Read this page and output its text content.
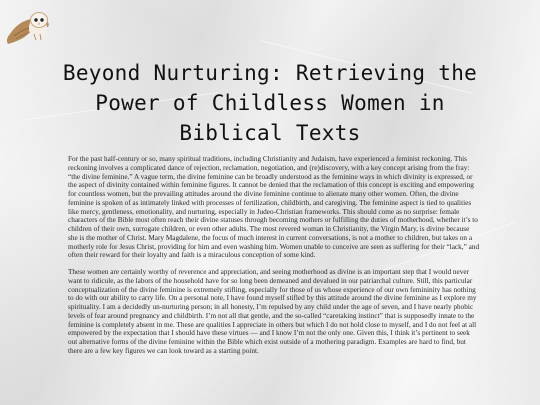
Beyond Nurturing: Retrieving the Power of Childless Women in Biblical Texts

For the past half-century or so, many spiritual traditions, including Christianity and Judaism, have experienced a feminist reckoning. This reckoning involves a complicated dance of rejection, reclamation, negotiation, and (re)discovery, with a key concept arising from the fray: “the divine feminine.” A vague term, the divine feminine can be broadly understood as the feminine ways in which divinity is expressed, or the aspect of divinity contained within feminine figures. It cannot be denied that the reclamation of this concept is exciting and empowering for countless women, but the prevailing attitudes around the divine feminine continue to alienate many other women. Often, the divine feminine is spoken of as intimately linked with processes of fertilization, childbirth, and caregiving. The feminine aspect is tied to qualities like mercy, gentleness, emotionality, and nurturing, especially in Judeo-Christian frameworks. This should come as no surprise: female characters of the Bible most often reach their divine statuses through becoming mothers or fulfilling the duties of motherhood, whether it’s to children of their own, surrogate children, or even other adults. The most revered woman in Christianity, the Virgin Mary, is divine because she is the mother of Christ. Mary Magdalene, the focus of much interest in current conversations, is not a mother to children, but takes on a motherly role for Jesus Christ, providing for him and even washing him. Women unable to conceive are seen as suffering for their “lack,” and often their reward for their loyalty and faith is a miraculous conception of some kind.

These women are certainly worthy of reverence and appreciation, and seeing motherhood as divine is an important step that I would never want to ridicule, as the labors of the household have for so long been demeaned and devalued in our patriarchal culture. Still, this particular conceptualization of the divine feminine is extremely stifling, especially for those of us whose experience of our own femininity has nothing to do with our ability to carry life. On a personal note, I have found myself stifled by this attitude around the divine feminine as I explore my spirituality. I am a decidedly un-nurturing person; in all honesty, I’m repulsed by any child under the age of seven, and I have nearly phobic levels of fear around pregnancy and childbirth. I’m not all that gentle, and the so-called “caretaking instinct” that is supposedly innate to the feminine is completely absent in me. These are qualities I appreciate in others but which I do not hold close to myself, and I do not feel at all empowered by the expectation that I should have these virtues — and I know I’m not the only one. Given this, I think it’s pertinent to seek out alternative forms of the divine feminine within the Bible which exist outside of a mothering paradigm. Examples are hard to find, but there are a few key figures we can look toward as a starting point.
